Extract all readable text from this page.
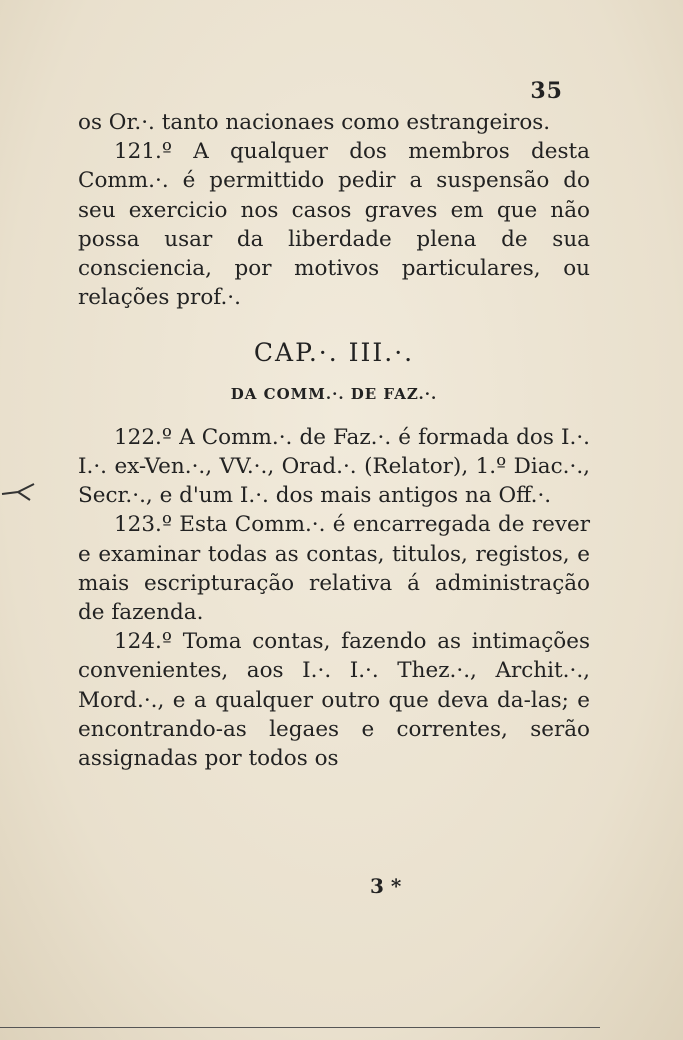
35

os Or.·. tanto nacionaes como estrangeiros.

121.º A qualquer dos membros desta Comm.·. é permittido pedir a suspensão do seu exercicio nos casos graves em que não possa usar da liberdade plena de sua consciencia, por motivos particulares, ou relações prof.·.

CAP.·. III.·.
DA COMM.·. DE FAZ.·.

122.º A Comm.·. de Faz.·. é formada dos I.·. I.·. ex-Ven.·., VV.·., Orad.·. (Relator), 1.º Diac.·., Secr.·., e d'um I.·. dos mais antigos na Off.·.

123.º Esta Comm.·. é encarregada de rever e examinar todas as contas, titulos, registos, e mais escripturação relativa á administração de fazenda.

124.º Toma contas, fazendo as intimações convenientes, aos I.·. I.·. Thez.·., Archit.·., Mord.·., e a qualquer outro que deva da-las; e encontrando-as legaes e correntes, serão assignadas por todos os

3 *
